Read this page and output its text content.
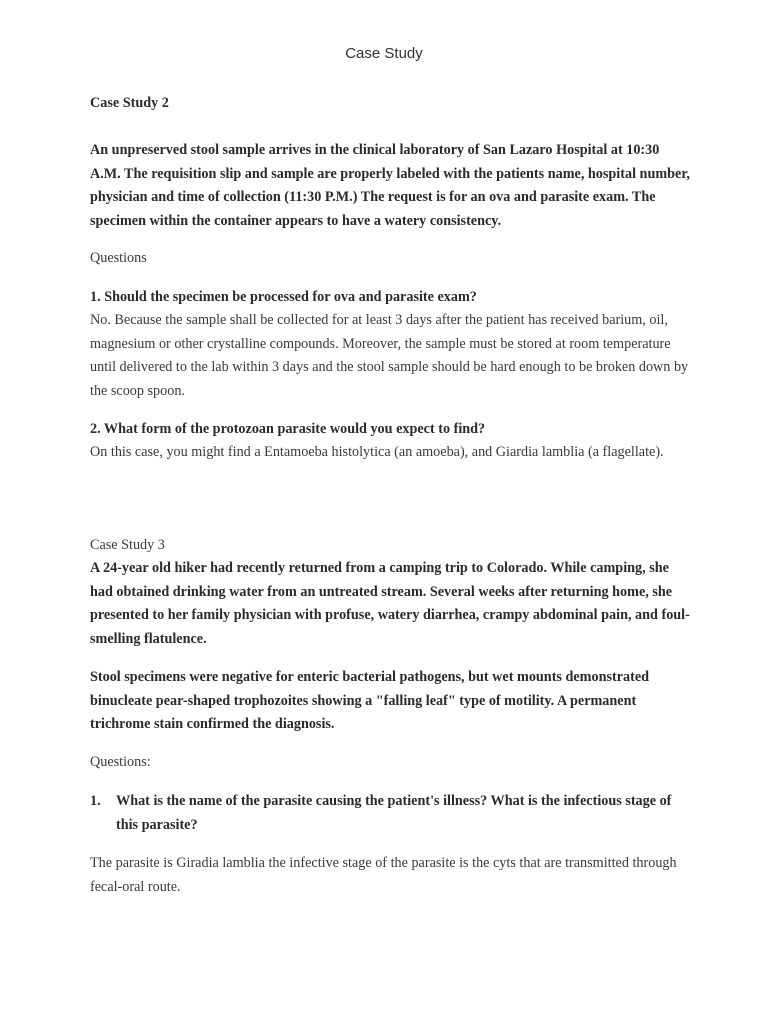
Case Study

Case Study 2

An unpreserved stool sample arrives in the clinical laboratory of San Lazaro Hospital at 10:30 A.M. The requisition slip and sample are properly labeled with the patients name, hospital number, physician and time of collection (11:30 P.M.) The request is for an ova and parasite exam. The specimen within the container appears to have a watery consistency.

Questions

1. Should the specimen be processed for ova and parasite exam?

No. Because the sample shall be collected for at least 3 days after the patient has received barium, oil, magnesium or other crystalline compounds. Moreover, the sample must be stored at room temperature until delivered to the lab within 3 days and the stool sample should be hard enough to be broken down by the scoop spoon.

2. What form of the protozoan parasite would you expect to find?

On this case, you might find a Entamoeba histolytica (an amoeba), and Giardia lamblia (a flagellate).

Case Study 3

A 24-year old hiker had recently returned from a camping trip to Colorado. While camping, she had obtained drinking water from an untreated stream. Several weeks after returning home, she presented to her family physician with profuse, watery diarrhea, crampy abdominal pain, and foul-smelling flatulence.

Stool specimens were negative for enteric bacterial pathogens, but wet mounts demonstrated binucleate pear-shaped trophozoites showing a "falling leaf" type of motility. A permanent trichrome stain confirmed the diagnosis.

Questions:

1. What is the name of the parasite causing the patient's illness? What is the infectious stage of this parasite?

The parasite is Giradia lamblia the infective stage of the parasite is the cyts that are transmitted through fecal-oral route.
